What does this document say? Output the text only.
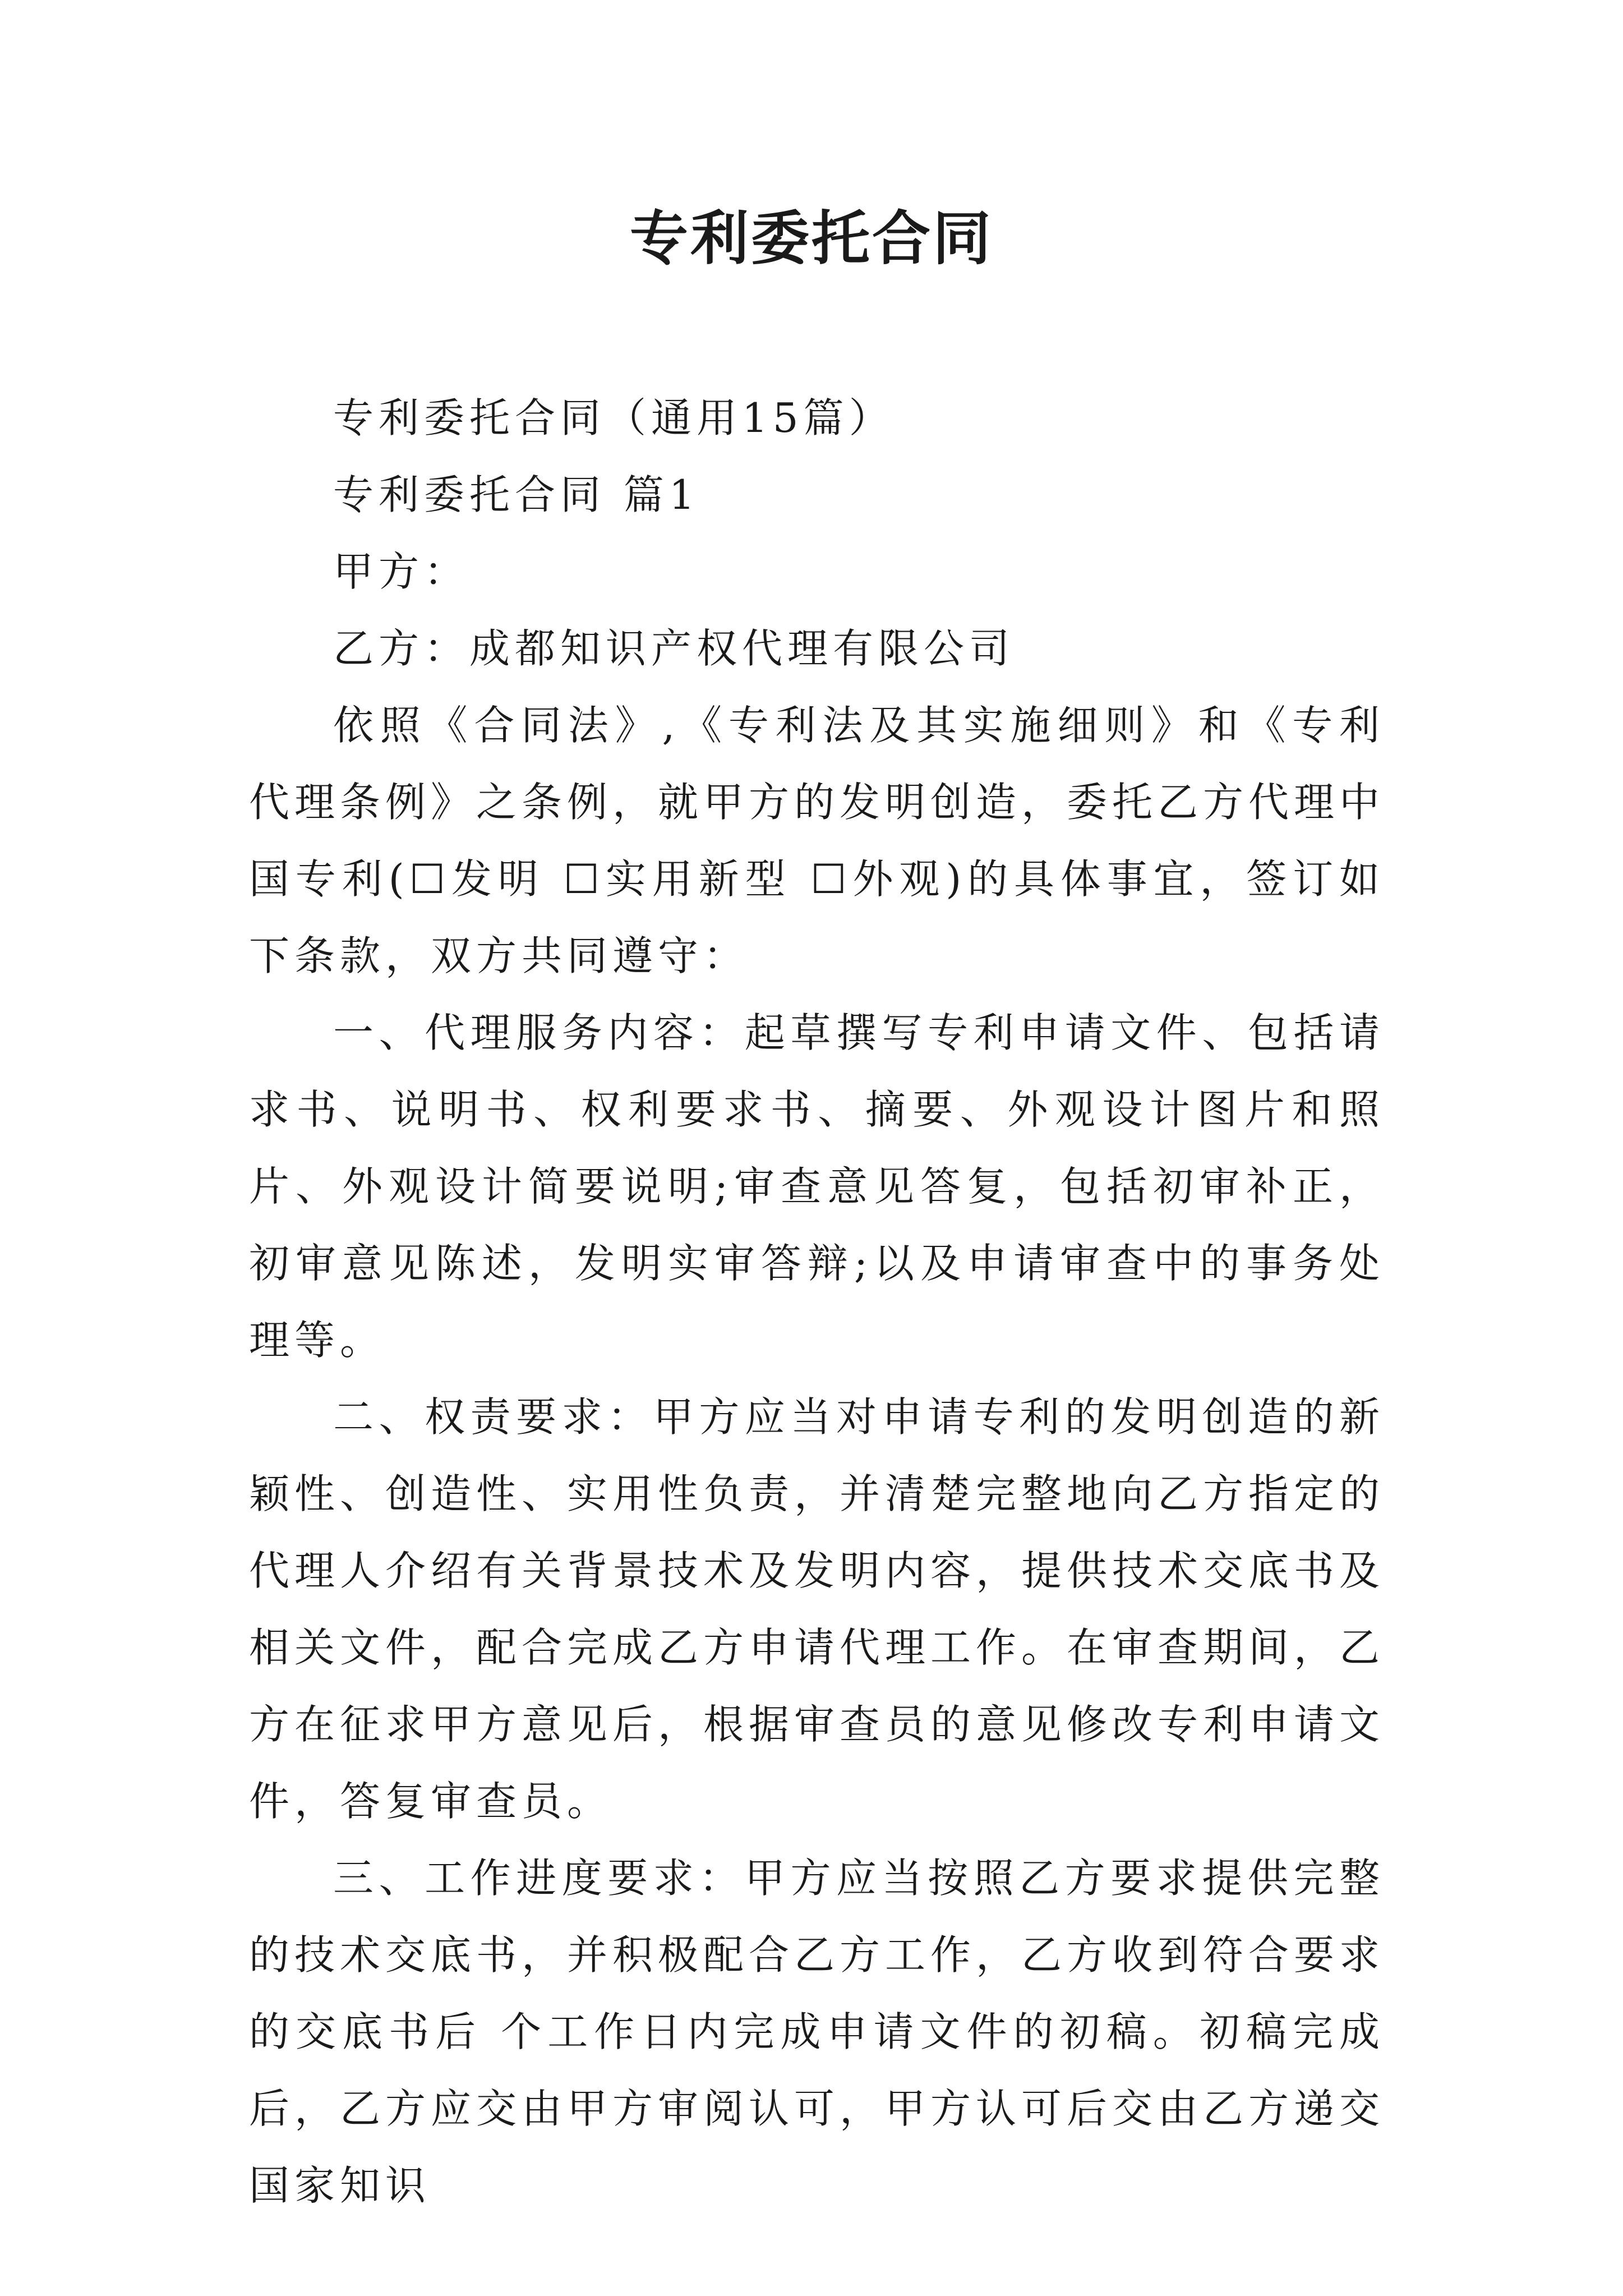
专利委托合同

专利委托合同（通用15篇）

专利委托合同 篇1

甲方：

乙方：成都知识产权代理有限公司

依照《合同法》,《专利法及其实施细则》和《专利代理条例》之条例，就甲方的发明创造，委托乙方代理中国专利(☐发明 ☐实用新型 ☐外观)的具体事宜，签订如下条款，双方共同遵守：

一、代理服务内容：起草撰写专利申请文件、包括请求书、说明书、权利要求书、摘要、外观设计图片和照片、外观设计简要说明;审查意见答复，包括初审补正，初审意见陈述，发明实审答辩;以及申请审查中的事务处理等。

二、权责要求：甲方应当对申请专利的发明创造的新颖性、创造性、实用性负责，并清楚完整地向乙方指定的代理人介绍有关背景技术及发明内容，提供技术交底书及相关文件，配合完成乙方申请代理工作。在审查期间，乙方在征求甲方意见后，根据审查员的意见修改专利申请文件，答复审查员。

三、工作进度要求：甲方应当按照乙方要求提供完整的技术交底书，并积极配合乙方工作，乙方收到符合要求的交底书后 个工作日内完成申请文件的初稿。初稿完成后，乙方应交由甲方审阅认可，甲方认可后交由乙方递交国家知识
